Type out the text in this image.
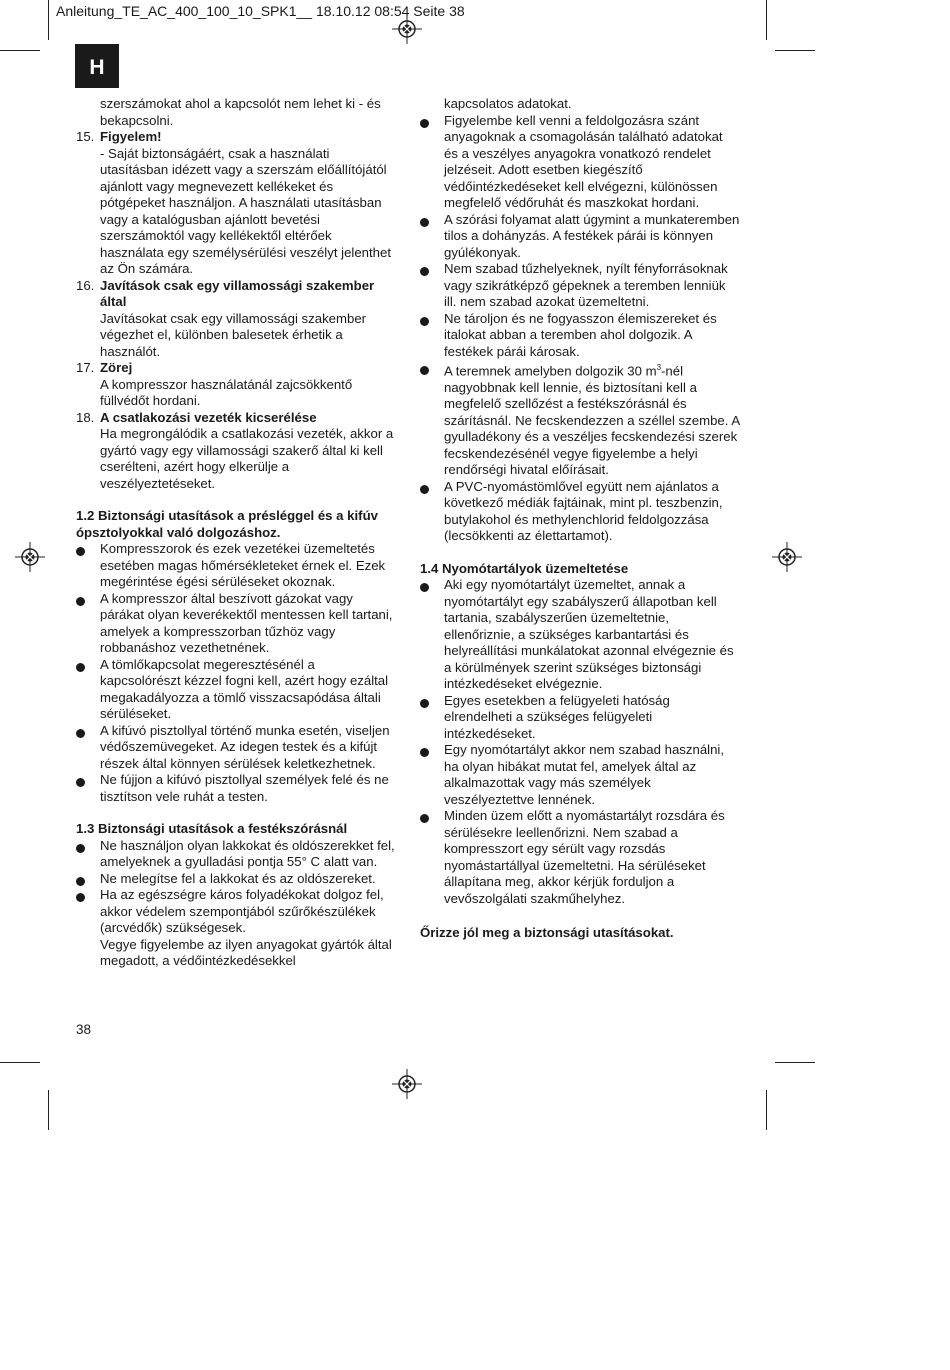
Anleitung_TE_AC_400_100_10_SPK1__ 18.10.12 08:54 Seite 38
H
szerszámokat ahol a kapcsolót nem lehet ki - és bekapcsolni.
15. Figyelem!
- Saját biztonságáért, csak a használati utasításban idézett vagy a szerszám előállítójától ajánlott vagy megnevezett kellékeket és pótgépeket használjon. A használati utasításban vagy a katalógusban ajánlott bevetési szerszámoktól vagy kellékektől eltérőek használata egy személysérülési veszélyt jelenthet az Ön számára.
16. Javítások csak egy villamossági szakember által
Javításokat csak egy villamossági szakember végezhet el, különben balesetek érhetik a használót.
17. Zörej
A kompresszor használatánál zajcsökkentő füllvédőt hordani.
18. A csatlakozási vezeték kicserélése
Ha megrongálódik a csatlakozási vezeték, akkor a gyártó vagy egy villamossági szakerő által ki kell cserélteni, azért hogy elkerülje a veszélyeztetéseket.
1.2 Biztonsági utasítások a présléggel és a kifúv ópsztolyokkal való dolgozáshoz.
Kompresszorok és ezek vezetékei üzemeltetés esetében magas hőmérsékleteket érnek el. Ezek megérintése égési sérüléseket okoznak.
A kompresszor által beszívott gázokat vagy párákat olyan keverékektől mentessen kell tartani, amelyek a kompresszorban tűzhöz vagy robbanáshoz vezethetnének.
A tömlőkapcsolat megeresztésénél a kapcsolórészt kézzel fogni kell, azért hogy ezáltal megakadályozza a tömlő visszacsapódása általi sérüléseket.
A kifúvó pisztollyal történő munka esetén, viseljen védőszemüvegeket. Az idegen testek és a kifújt részek által könnyen sérülések keletkezhetnek.
Ne fújjon a kifúvó pisztollyal személyek felé és ne tisztítson vele ruhát a testen.
1.3 Biztonsági utasítások a festékszórásnál
Ne használjon olyan lakkokat és oldószerekket fel, amelyeknek a gyulladási pontja 55° C alatt van.
Ne melegítse fel a lakkokat és az oldószereket.
Ha az egészségre káros folyadékokat dolgoz fel, akkor védelem szempontjából szűrőkészülékek (arcvédők) szükségesek.
Vegye figyelembe az ilyen anyagokat gyártók által megadott, a védőintézkedésekkel
kapcsolatos adatokat.
Figyelembe kell venni a feldolgozásra szánt anyagoknak a csomagolásán található adatokat és a veszélyes anyagokra vonatkozó rendelet jelzéseit. Adott esetben kiegészítő védőintézkedéseket kell elvégezni, különössen megfelelő védőruhát és maszkokat hordani.
A szórási folyamat alatt úgymint a munkateremben tilos a dohányzás. A festékek párái is könnyen gyúlékonyak.
Nem szabad tűzhelyeknek, nyílt fényforrásoknak vagy szikrátképző gépeknek a teremben lenniük ill. nem szabad azokat üzemeltetni.
Ne tároljon és ne fogyasszon élemiszereket és italokat abban a teremben ahol dolgozik. A festékek párái károsak.
A teremnek amelyben dolgozik 30 $m^3$-nél nagyobbnak kell lennie, és biztosítani kell a megfelelő szellőzést a festékszórásnál és szárításnál. Ne fecskendezzen a széllel szembe. A gyulladékony és a veszéljes fecskendezési szerek fecskendezésénél vegye figyelembe a helyi rendőrségi hivatal előírásait.
A PVC-nyomástömlővel együtt nem ajánlatos a következő médiák fajtáinak, mint pl. teszbenzin, butylakohol és methylenchlorid feldolgozzása (lecsökkenti az élettartamot).
1.4 Nyomótartályok üzemeltetése
Aki egy nyomótartályt üzemeltet, annak a nyomótartályt egy szabályszerű állapotban kell tartania, szabályszerűen üzemeltetnie, ellenőriznie, a szükséges karbantartási és helyreállítási munkálatokat azonnal elvégeznie és a körülmények szerint szükséges biztonsági intézkedéseket elvégeznie.
Egyes esetekben a felügyeleti hatóság elrendelheti a szükséges felügyeleti intézkedéseket.
Egy nyomótartályt akkor nem szabad használni, ha olyan hibákat mutat fel, amelyek által az alkalmazottak vagy más személyek veszélyeztettve lennének.
Minden üzem előtt a nyomástartályt rozsdára és sérülésekre leellenőrizni. Nem szabad a kompresszort egy sérült vagy rozsdás nyomástartállyal üzemeltetni. Ha sérüléseket állapítana meg, akkor kérjük forduljon a vevőszolgálati szakműhelyhez.
Őrizze jól meg a biztonsági utasításokat.
38
